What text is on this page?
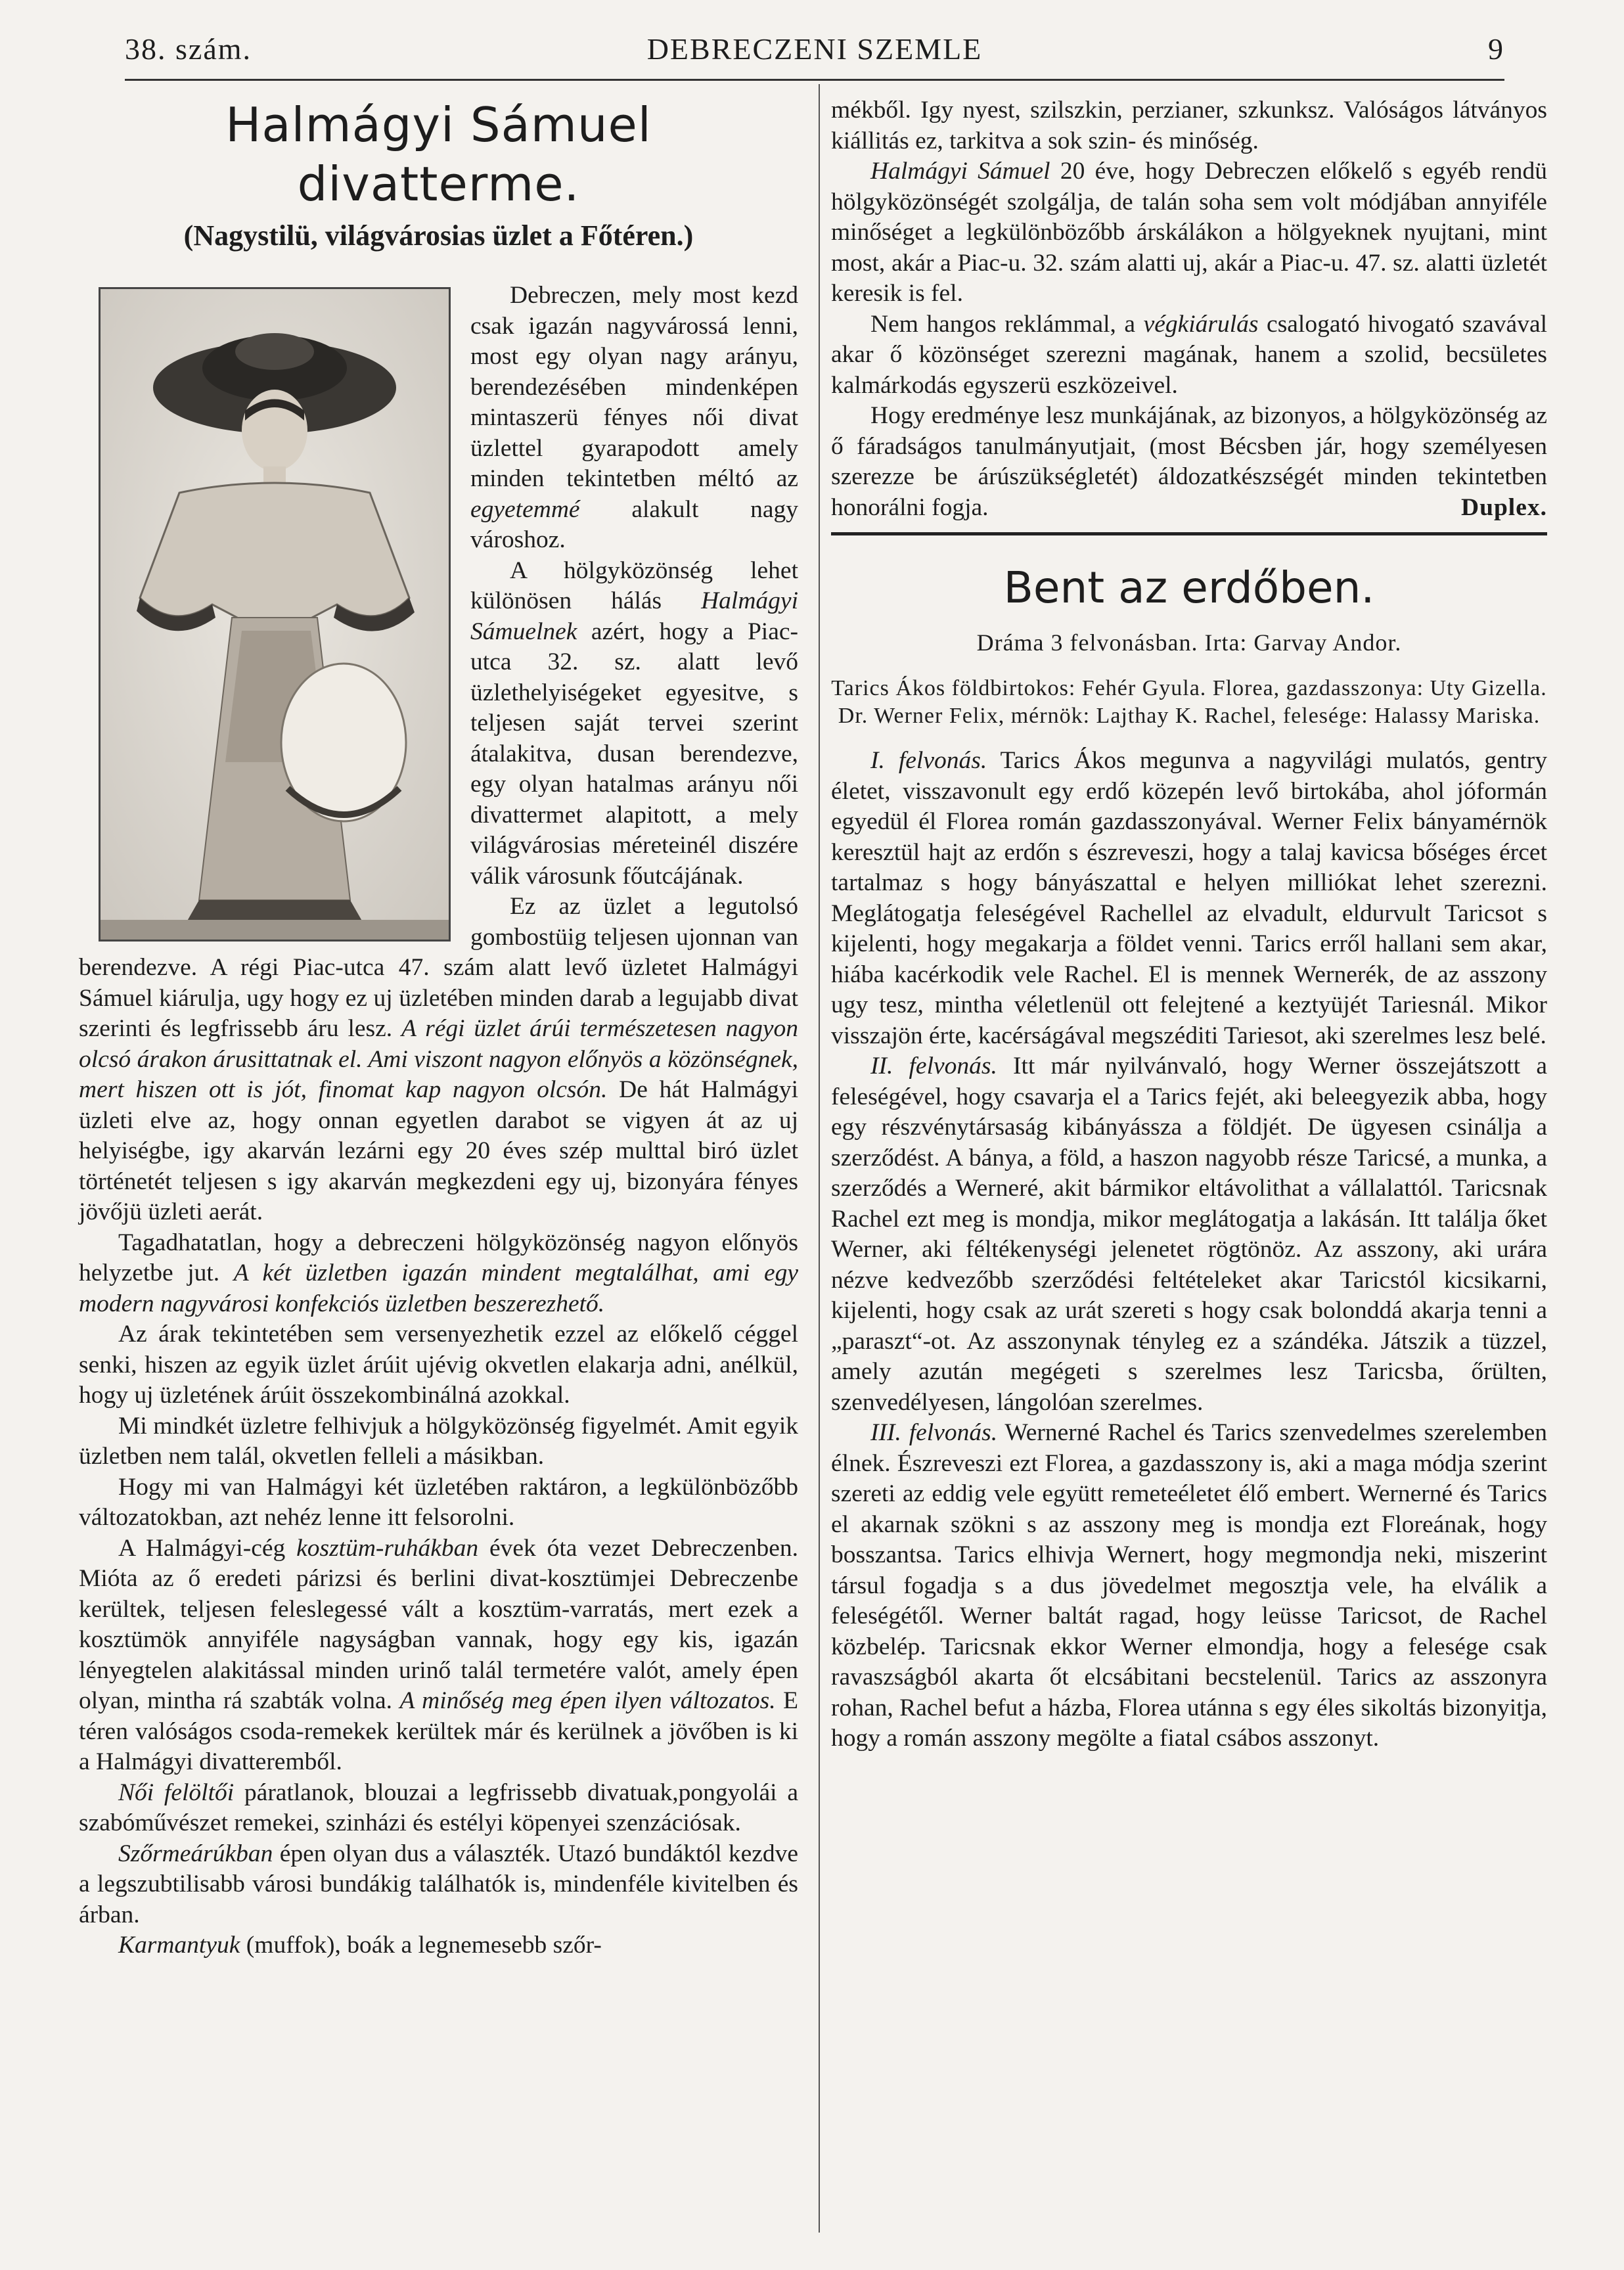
38. szám.	DEBRECZENI SZEMLE	9
Halmágyi Sámuel divatterme.
(Nagystilü, világvárosias üzlet a Főtéren.)

Debreczen, mely most kezd csak igazán nagyvárossá lenni, most egy olyan nagy arányu, berendezésében mindenképen mintaszerü fényes női divat üzlettel gyarapodott amely minden tekintetben méltó az egyetemmé alakult nagy városhoz.

A hölgyközönség lehet különösen hálás Halmágyi Sámuelnek azért, hogy a Piac-utca 32. sz. alatt levő üzlethelyiségeket egyesitve, s teljesen saját tervei szerint átalakitva, dusan berendezve, egy olyan hatalmas arányu női divattermet alapitott, a mely világvárosias méreteinél diszére válik városunk főutcájának.

Ez az üzlet a legutolsó gombostüig teljesen ujonnan van berendezve. A régi Piac-utca 47. szám alatt levő üzletet Halmágyi Sámuel kiárulja, ugy hogy ez uj üzletében minden darab a legujabb divat szerinti és legfrissebb áru lesz. A régi üzlet árúi természetesen nagyon olcsó árakon árusittatnak el. Ami viszont nagyon előnyös a közönségnek, mert hiszen ott is jót, finomat kap nagyon olcsón. De hát Halmágyi üzleti elve az, hogy onnan egyetlen darabot se vigyen át az uj helyiségbe, igy akarván lezárni egy 20 éves szép multtal biró üzlet történetét teljesen s igy akarván megkezdeni egy uj, bizonyára fényes jövőjü üzleti aerát.

Tagadhatatlan, hogy a debreczeni hölgyközönség nagyon előnyös helyzetbe jut. A két üzletben igazán mindent megtalálhat, ami egy modern nagyvárosi konfekciós üzletben beszerezhető.

Az árak tekintetében sem versenyezhetik ezzel az előkelő céggel senki, hiszen az egyik üzlet árúit ujévig okvetlen elakarja adni, anélkül, hogy uj üzletének árúit összekombinálná azokkal.

Mi mindkét üzletre felhivjuk a hölgyközönség figyelmét. Amit egyik üzletben nem talál, okvetlen felleli a másikban.

Hogy mi van Halmágyi két üzletében raktáron, a legkülönbözőbb változatokban, azt nehéz lenne itt felsorolni.

A Halmágyi-cég kosztüm-ruhákban évek óta vezet Debreczenben. Mióta az ő eredeti párizsi és berlini divat-kosztümjei Debreczenbe kerültek, teljesen feleslegessé vált a kosztüm-varratás, mert ezek a kosztümök annyiféle nagyságban vannak, hogy egy kis, igazán lényegtelen alakitással minden urinő talál termetére valót, amely épen olyan, mintha rá szabták volna. A minőség meg épen ilyen változatos. E téren valóságos csoda-remekek kerültek már és kerülnek a jövőben is ki a Halmágyi divatteremből.

Női felöltői páratlanok, blouzai a legfrissebb divatuak,pongyolái a szabóművészet remekei, szinházi és estélyi köpenyei szenzációsak.

Szőrmeárúkban épen olyan dus a választék. Utazó bundáktól kezdve a legszubtilisabb városi bundákig találhatók is, mindenféle kivitelben és árban.

Karmantyuk (muffok), boák a legnemesebb szőr-

mékből. Igy nyest, szilszkin, perzianer, szkunksz. Valóságos látványos kiállitás ez, tarkitva a sok szin- és minőség.

Halmágyi Sámuel 20 éve, hogy Debreczen előkelő s egyéb rendü hölgyközönségét szolgálja, de talán soha sem volt módjában annyiféle minőséget a legkülönbözőbb árskálákon a hölgyeknek nyujtani, mint most, akár a Piac-u. 32. szám alatti uj, akár a Piac-u. 47. sz. alatti üzletét keresik is fel.

Nem hangos reklámmal, a végkiárulás csalogató hivogató szavával akar ő közönséget szerezni magának, hanem a szolid, becsületes kalmárkodás egyszerü eszközeivel.

Hogy eredménye lesz munkájának, az bizonyos, a hölgyközönség az ő fáradságos tanulmányutjait, (most Bécsben jár, hogy személyesen szerezze be árúszükségletét) áldozatkészségét minden tekintetben honorálni fogja.	Duplex.

Bent az erdőben.
Dráma 3 felvonásban. Irta: Garvay Andor.
Tarics Ákos földbirtokos: Fehér Gyula. Florea, gazdasszonya: Uty Gizella. Dr. Werner Felix, mérnök: Lajthay K. Rachel, felesége: Halassy Mariska.

I. felvonás. Tarics Ákos megunva a nagyvilági mulatós, gentry életet, visszavonult egy erdő közepén levő birtokába, ahol jóformán egyedül él Florea román gazdasszonyával. Werner Felix bányamérnök keresztül hajt az erdőn s észreveszi, hogy a talaj kavicsa bőséges ércet tartalmaz s hogy bányászattal e helyen milliókat lehet szerezni. Meglátogatja feleségével Rachellel az elvadult, eldurvult Taricsot s kijelenti, hogy megakarja a földet venni. Tarics erről hallani sem akar, hiába kacérkodik vele Rachel. El is mennek Wernerék, de az asszony ugy tesz, mintha véletlenül ott felejtené a keztyüjét Tariesnál. Mikor visszajön érte, kacérságával megszéditi Tariesot, aki szerelmes lesz belé.

II. felvonás. Itt már nyilvánvaló, hogy Werner összejátszott a feleségével, hogy csavarja el a Tarics fejét, aki beleegyezik abba, hogy egy részvénytársaság kibányássza a földjét. De ügyesen csinálja a szerződést. A bánya, a föld, a haszon nagyobb része Taricsé, a munka, a szerződés a Werneré, akit bármikor eltávolithat a vállalattól. Taricsnak Rachel ezt meg is mondja, mikor meglátogatja a lakásán. Itt találja őket Werner, aki féltékenységi jelenetet rögtönöz. Az asszony, aki urára nézve kedvezőbb szerződési feltételeket akar Taricstól kicsikarni, kijelenti, hogy csak az urát szereti s hogy csak bolonddá akarja tenni a „paraszt“-ot. Az asszonynak tényleg ez a szándéka. Játszik a tüzzel, amely azután megégeti s szerelmes lesz Taricsba, őrülten, szenvedélyesen, lángolóan szerelmes.

III. felvonás. Wernerné Rachel és Tarics szenvedelmes szerelemben élnek. Észreveszi ezt Florea, a gazdasszony is, aki a maga módja szerint szereti az eddig vele együtt remeteéletet élő embert. Wernerné és Tarics el akarnak szökni s az asszony meg is mondja ezt Floreának, hogy bosszantsa. Tarics elhivja Wernert, hogy megmondja neki, miszerint társul fogadja s a dus jövedelmet megosztja vele, ha elválik a feleségétől. Werner baltát ragad, hogy leüsse Taricsot, de Rachel közbelép. Taricsnak ekkor Werner elmondja, hogy a felesége csak ravaszságból akarta őt elcsábitani becstelenül. Tarics az asszonyra rohan, Rachel befut a házba, Florea utánna s egy éles sikoltás bizonyitja, hogy a román asszony megölte a fiatal csábos asszonyt.
